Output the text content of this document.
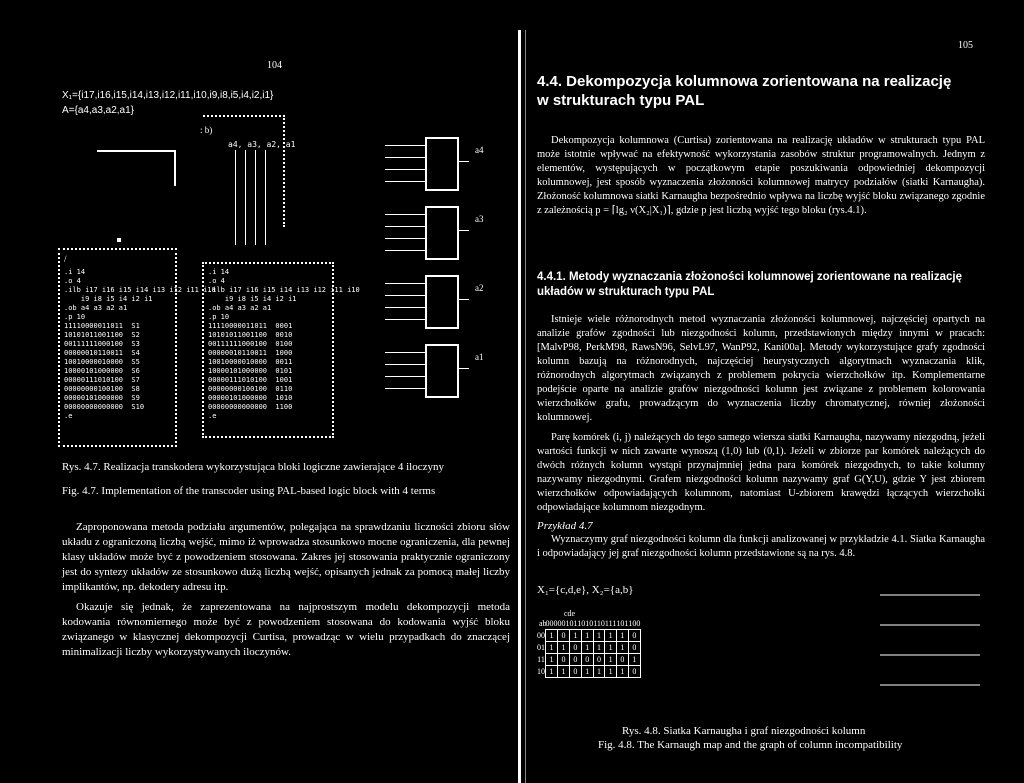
104
X₁={i17,i16,i15,i14,i13,i12,i11,i10,i9,i8,i5,i4,i2,i1}
A={a4,a3,a2,a1}
: b)
a4, a3, a2, a1
/
.i 14
.o 4
.ilb i17 i16 i15 i14 i13 i12 i11 i10
i9 i8 i5 i4 i2 i1
.ob a4 a3 a2 a1
.p 10
11110000011011  S1
10101011001100  S2
00111111000100  S3
00000010110011  S4
10010000010000  S5
10000101000000  S6
00000111010100  S7
00000000100100  S8
00000101000000  S9
00000000000000  S10
.e
.i 14
.o 4
.ilb i17 i16 i15 i14 i13 i12 i11 i10
i9 i8 i5 i4 i2 i1
.ob a4 a3 a2 a1
.p 10
11110000011011  0001
10101011001100  0010
00111111000100  0100
00000010110011  1000
10010000010000  0011
10000101000000  0101
00000111010100  1001
00000000100100  0110
00000101000000  1010
00000000000000  1100
.e
a4
a3
a2
a1
Rys. 4.7. Realizacja transkodera wykorzystująca bloki logiczne zawierające 4 iloczyny
Fig. 4.7. Implementation of the transcoder using PAL-based logic block with 4 terms
Zaproponowana metoda podziału argumentów, polegająca na sprawdzaniu liczności zbioru słów układu z ograniczoną liczbą wejść, mimo iż wprowadza stosunkowo mocne ograniczenia, dla pewnej klasy układów może być z powodzeniem stosowana. Zakres jej stosowania praktycznie ograniczony jest do syntezy układów ze stosunkowo dużą liczbą wejść, opisanych jednak za pomocą małej liczby implikantów, np. dekodery adresu itp.
Okazuje się jednak, że zaprezentowana na najprostszym modelu dekompozycji metoda kodowania równomiernego może być z powodzeniem stosowana do kodowania wyjść bloku związanego w klasycznej dekompozycji Curtisa, prowadząc w wielu przypadkach do znaczącej minimalizacji liczby wykorzystywanych iloczynów.
105
4.4. Dekompozycja kolumnowa zorientowana na realizację w strukturach typu PAL
Dekompozycja kolumnowa (Curtisa) zorientowana na realizację układów w strukturach typu PAL może istotnie wpływać na efektywność wykorzystania zasobów struktur programowalnych. Jednym z elementów, występujących w początkowym etapie poszukiwania odpowiedniej dekompozycji kolumnowej, jest sposób wyznaczenia złożoności kolumnowej matrycy podziałów (siatki Karnaugha). Złożoność kolumnowa siatki Karnaugha bezpośrednio wpływa na liczbę wyjść bloku związanego zgodnie z zależnością p = ⌈lg₂ ν(X₂|X₁)⌉, gdzie p jest liczbą wyjść tego bloku (rys.4.1).
4.4.1. Metody wyznaczania złożoności kolumnowej zorientowane na realizację układów w strukturach typu PAL
Istnieje wiele różnorodnych metod wyznaczania złożoności kolumnowej, najczęściej opartych na analizie grafów zgodności lub niezgodności kolumn, przedstawionych między innymi w pracach: [MalvP98, PerkM98, RawsN96, SelvL97, WanP92, Kani00a]. Metody wykorzystujące grafy zgodności kolumn bazują na różnorodnych, najczęściej heurystycznych algorytmach wyznaczania klik, różnorodnych algorytmach związanych z problemem pokrycia wierzchołków itp. Komplementarne podejście oparte na analizie grafów niezgodności kolumn jest związane z problemem kolorowania wierzchołków grafu, prowadzącym do wyznaczenia liczby chromatycznej, równiej złożoności kolumnowej.
Parę komórek (i, j) należących do tego samego wiersza siatki Karnaugha, nazywamy niezgodną, jeżeli wartości funkcji w nich zawarte wynoszą (1,0) lub (0,1). Jeżeli w zbiorze par komórek należących do dwóch różnych kolumn wystąpi przynajmniej jedna para komórek niezgodnych, to takie kolumny nazywamy niezgodnymi. Grafem niezgodności kolumn nazywamy graf G(Y,U), gdzie Y jest zbiorem wierzchołków odpowiadających kolumnom, natomiast U-zbiorem krawędzi łączących wierzchołki odpowiadające kolumnom niezgodnym.
Przykład 4.7
Wyznaczymy graf niezgodności kolumn dla funkcji analizowanej w przykładzie 4.1. Siatka Karnaugha i odpowiadający jej graf niezgodności kolumn przedstawione są na rys. 4.8.
X₁={c,d,e}, X₂={a,b}
cde
ab
	000	001	011	010	110	111	101	100
00	1	0	1	1	1	1	1	0
01	1	1	0	1	1	1	1	0
11	1	0	0	0	0	1	0	1
10	1	1	0	1	1	1	1	0
Rys. 4.8. Siatka Karnaugha i graf niezgodności kolumn
Fig. 4.8. The Karnaugh map and the graph of column incompatibility
